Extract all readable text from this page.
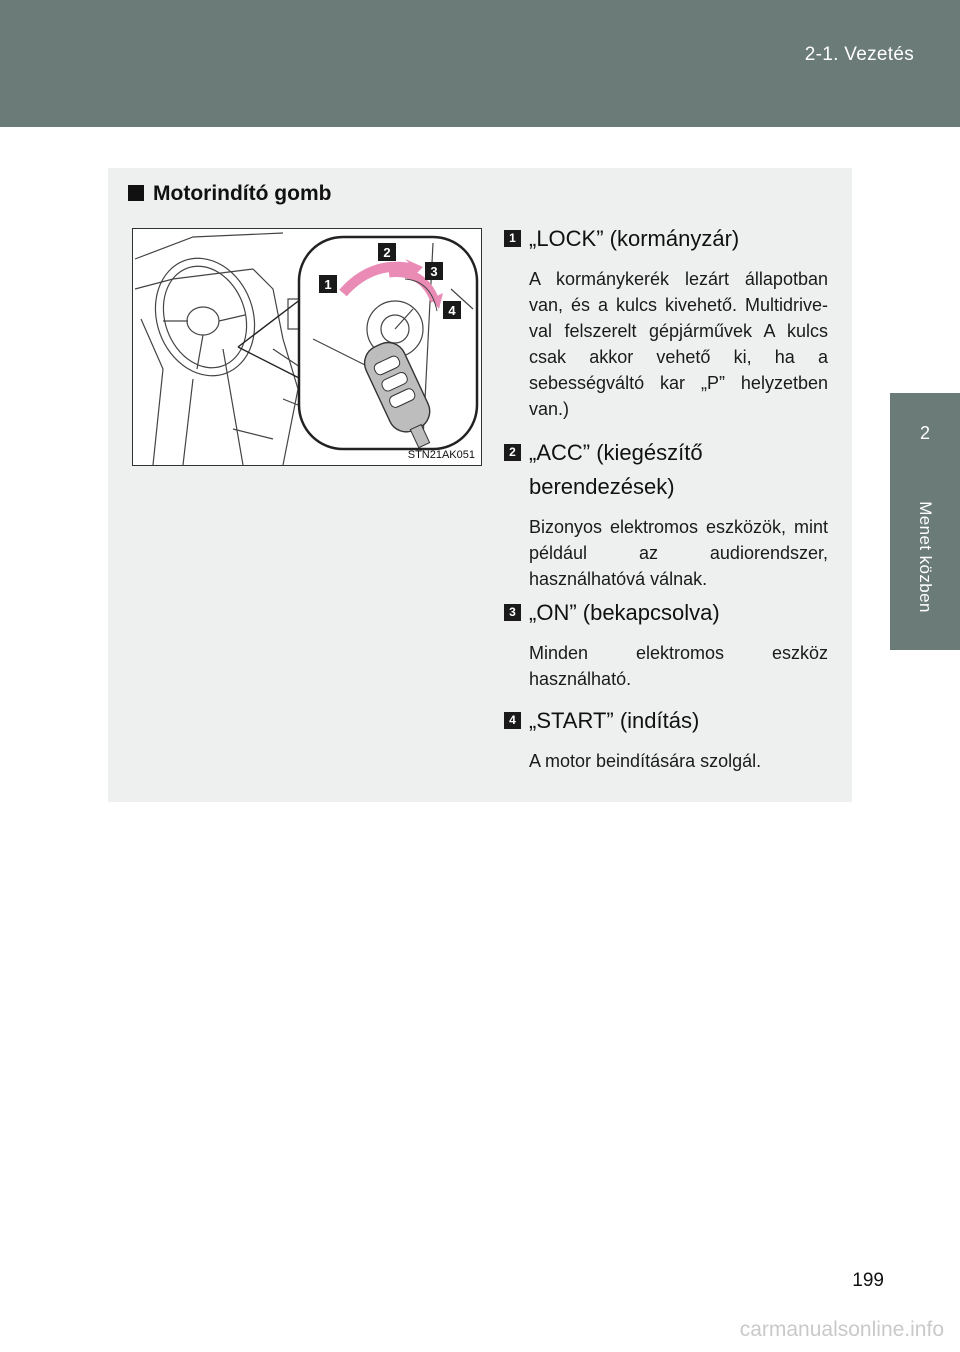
2-1. Vezetés
2
Menet közben
Motorindító gomb
1
2
3
4
STN21AK051
1 „LOCK” (kormányzár)
A kormánykerék lezárt állapotban van, és a kulcs kivehető. Multidrive-val felszerelt gépjárművek A kulcs csak akkor vehető ki, ha a sebességváltó kar „P” helyzetben van.)
2 „ACC” (kiegészítő berendezések)
Bizonyos elektromos eszközök, mint például az audiorendszer, használhatóvá válnak.
3 „ON” (bekapcsolva)
Minden elektromos eszköz használható.
4 „START” (indítás)
A motor beindítására szolgál.
199
carmanualsonline.info
